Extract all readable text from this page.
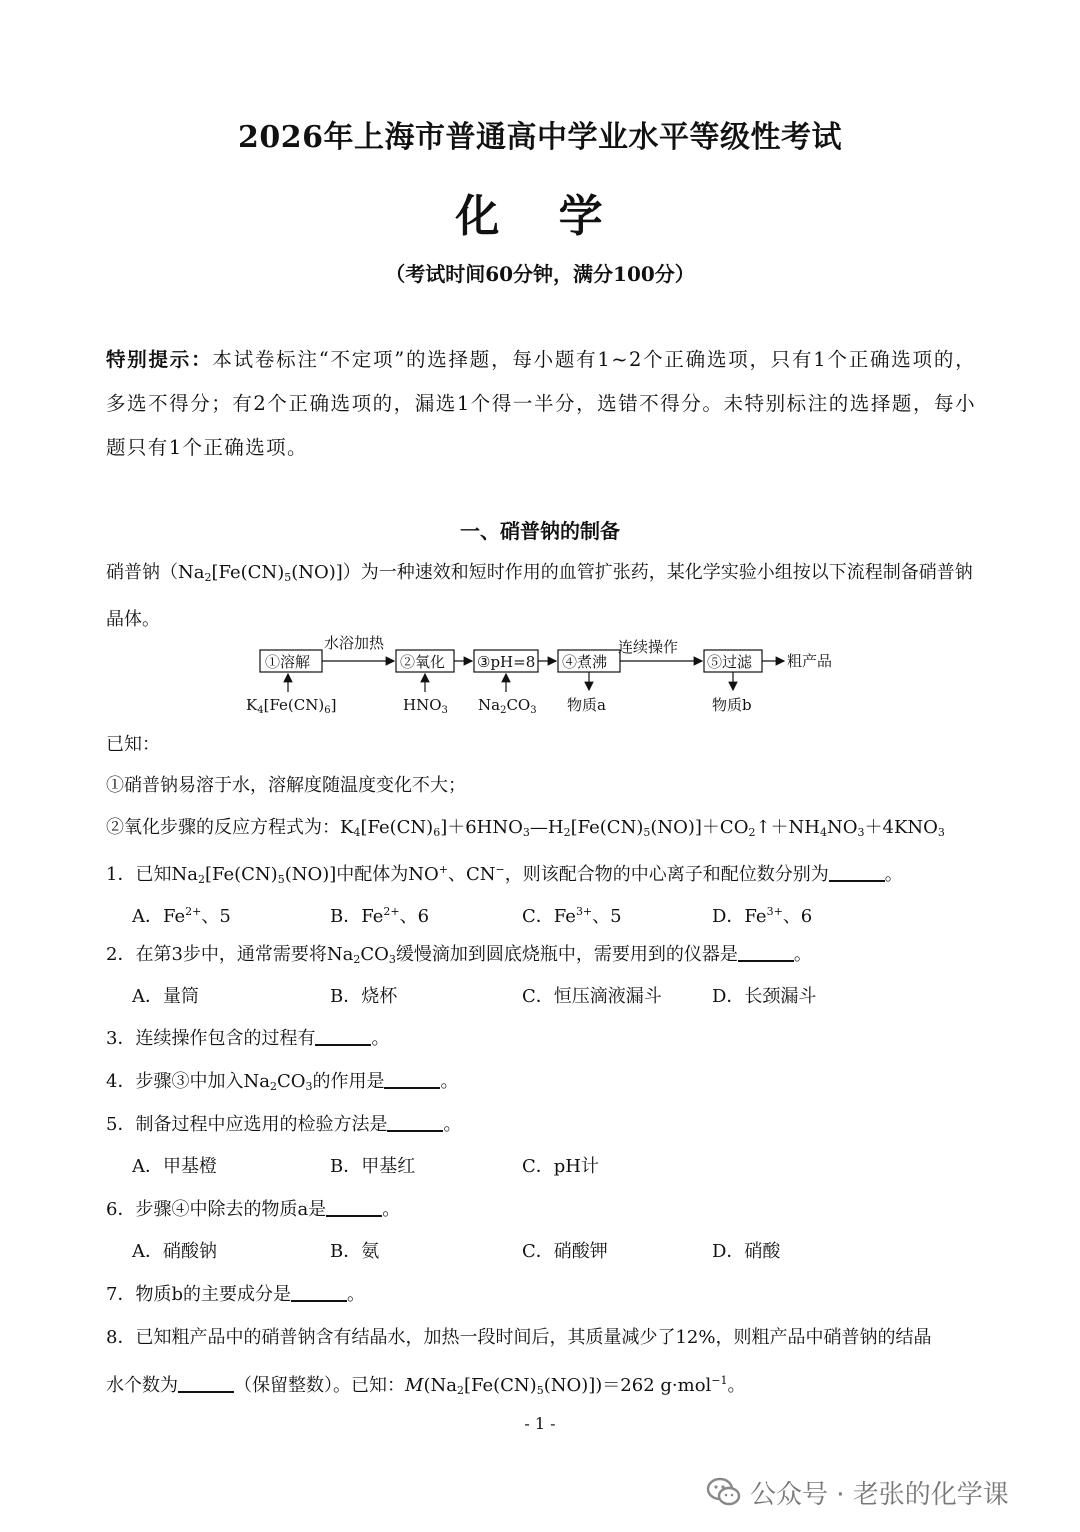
2026年上海市普通高中学业水平等级性考试
化 学
（考试时间60分钟，满分100分）
特别提示：本试卷标注“不定项”的选择题，每小题有1~2个正确选项，只有1个正确选项的，多选不得分；有2个正确选项的，漏选1个得一半分，选错不得分。未特别标注的选择题，每小题只有1个正确选项。
一、硝普钠的制备
硝普钠$(Na_2[Fe(CN)_5(NO)])$为一种速效和短时作用的血管扩张药，某化学实验小组按以下流程制备硝普钠晶体。
①溶解	②氧化 ③pH=8 ④煮沸	⑤过滤
水浴加热	连续操作
粗产品
$K_4[Fe(CN)_6]$	$HNO_3$ $Na_2CO_3$ 物质a	物质b
已知：
①硝普钠易溶于水，溶解度随温度变化不大；
②氧化步骤的反应方程式为：$K_4[Fe(CN)_6]+6HNO_3—H_2[Fe(CN)_5(NO)]+CO_2↑+NH_4NO_3+4KNO_3$
1．已知$Na_2[Fe(CN)_5(NO)]$中配体为NO+、CN−，则该配合物的中心离子和配位数分别为	。
A．$Fe^{2+}$、5	B．$Fe^{2+}$、6	C．$Fe^{3+}$、5	D．$Fe^{3+}$、6
2．在第3步中，通常需要将$Na_2CO_3$缓慢滴加到圆底烧瓶中，需要用到的仪器是	。
A．量筒	B．烧杯	C．恒压滴液漏斗	D．长颈漏斗
3．连续操作包含的过程有	。
4．步骤③中加入$Na_2CO_3$的作用是	。
5．制备过程中应选用的检验方法是	。
A．甲基橙	B．甲基红	C．pH计
6．步骤④中除去的物质a是	。
A．硝酸钠	B．氨	C．硝酸钾	D．硝酸
7．物质b的主要成分是	。
8．已知粗产品中的硝普钠含有结晶水，加热一段时间后，其质量减少了12%，则粗产品中硝普钠的结晶
水个数为	（保留整数）。已知：$M(Na_2[Fe(CN)_5(NO)])=262$ g·mol$^{-1}$。
- 1 -
公众号 · 老张的化学课
